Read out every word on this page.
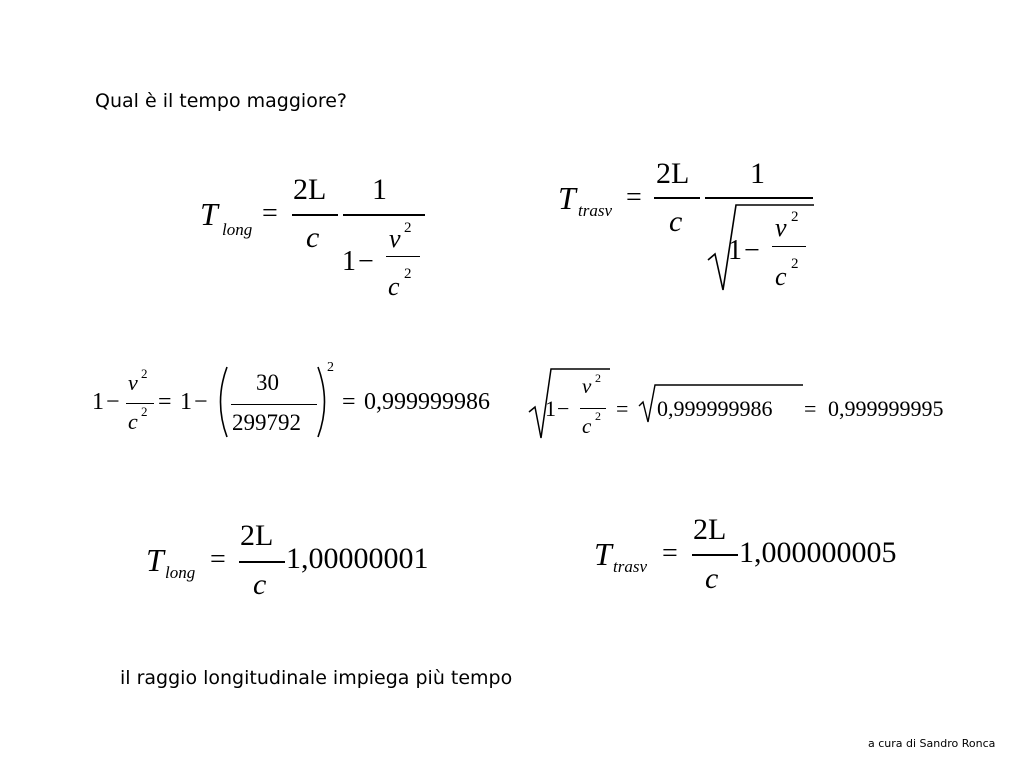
Qual è il tempo maggiore?
T long
=
2L
c
1
1 −
v 2
c 2
T trasv =
2L
c
1
1 −
v 2
c 2
1 −
v 2
c 2 = 1 −
30
299792
2
= 0,999999986	1 −
v 2
c 2 = 0,999999986 = 0,999999995
T long =
2L
c
1,00000001	T trasv =
2L
c
1,000000005
il raggio longitudinale impiega più tempo
a cura di Sandro Ronca
